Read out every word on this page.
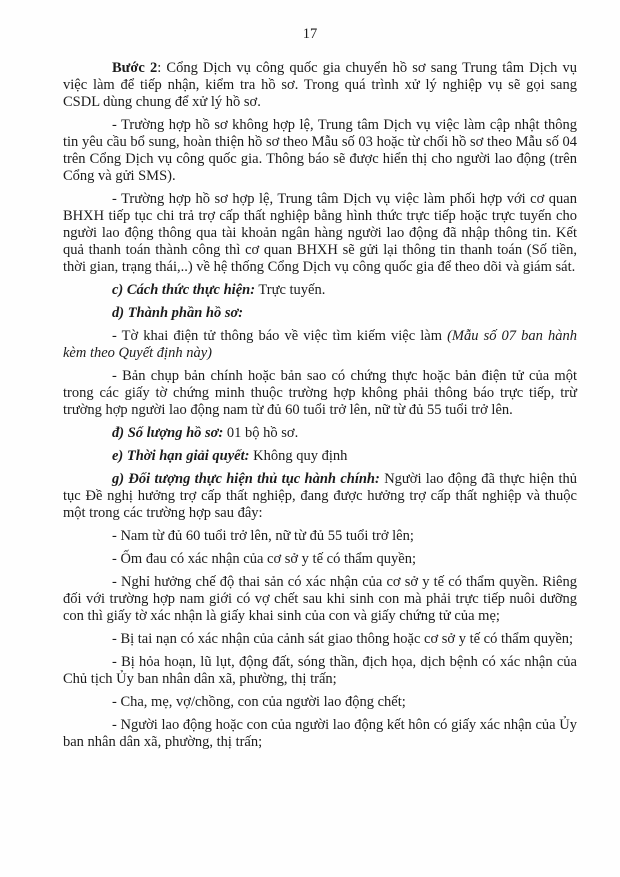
17

Bước 2: Cổng Dịch vụ công quốc gia chuyển hồ sơ sang Trung tâm Dịch vụ việc làm để tiếp nhận, kiểm tra hồ sơ. Trong quá trình xử lý nghiệp vụ sẽ gọi sang CSDL dùng chung để xử lý hồ sơ.

- Trường hợp hồ sơ không hợp lệ, Trung tâm Dịch vụ việc làm cập nhật thông tin yêu cầu bổ sung, hoàn thiện hồ sơ theo Mẫu số 03 hoặc từ chối hồ sơ theo Mẫu số 04 trên Cổng Dịch vụ công quốc gia. Thông báo sẽ được hiển thị cho người lao động (trên Cổng và gửi SMS).

- Trường hợp hồ sơ hợp lệ, Trung tâm Dịch vụ việc làm phối hợp với cơ quan BHXH tiếp tục chi trả trợ cấp thất nghiệp bằng hình thức trực tiếp hoặc trực tuyến cho người lao động thông qua tài khoản ngân hàng người lao động đã nhập thông tin. Kết quả thanh toán thành công thì cơ quan BHXH sẽ gửi lại thông tin thanh toán (Số tiền, thời gian, trạng thái,..) về hệ thống Cổng Dịch vụ công quốc gia để theo dõi và giám sát.

c) Cách thức thực hiện: Trực tuyến.

d) Thành phần hồ sơ:

- Tờ khai điện tử thông báo về việc tìm kiếm việc làm (Mẫu số 07 ban hành kèm theo Quyết định này)

- Bản chụp bản chính hoặc bản sao có chứng thực hoặc bản điện tử của một trong các giấy tờ chứng minh thuộc trường hợp không phải thông báo trực tiếp, trừ trường hợp người lao động nam từ đủ 60 tuổi trở lên, nữ từ đủ 55 tuổi trở lên.

đ) Số lượng hồ sơ: 01 bộ hồ sơ.

e) Thời hạn giải quyết: Không quy định

g) Đối tượng thực hiện thủ tục hành chính: Người lao động đã thực hiện thủ tục Đề nghị hưởng trợ cấp thất nghiệp, đang được hưởng trợ cấp thất nghiệp và thuộc một trong các trường hợp sau đây:

- Nam từ đủ 60 tuổi trở lên, nữ từ đủ 55 tuổi trở lên;

- Ốm đau có xác nhận của cơ sở y tế có thẩm quyền;

- Nghỉ hưởng chế độ thai sản có xác nhận của cơ sở y tế có thẩm quyền. Riêng đối với trường hợp nam giới có vợ chết sau khi sinh con mà phải trực tiếp nuôi dưỡng con thì giấy tờ xác nhận là giấy khai sinh của con và giấy chứng tử của mẹ;

- Bị tai nạn có xác nhận của cảnh sát giao thông hoặc cơ sở y tế có thẩm quyền;

- Bị hỏa hoạn, lũ lụt, động đất, sóng thần, địch họa, dịch bệnh có xác nhận của Chủ tịch Ủy ban nhân dân xã, phường, thị trấn;

- Cha, mẹ, vợ/chồng, con của người lao động chết;

- Người lao động hoặc con của người lao động kết hôn có giấy xác nhận của Ủy ban nhân dân xã, phường, thị trấn;
